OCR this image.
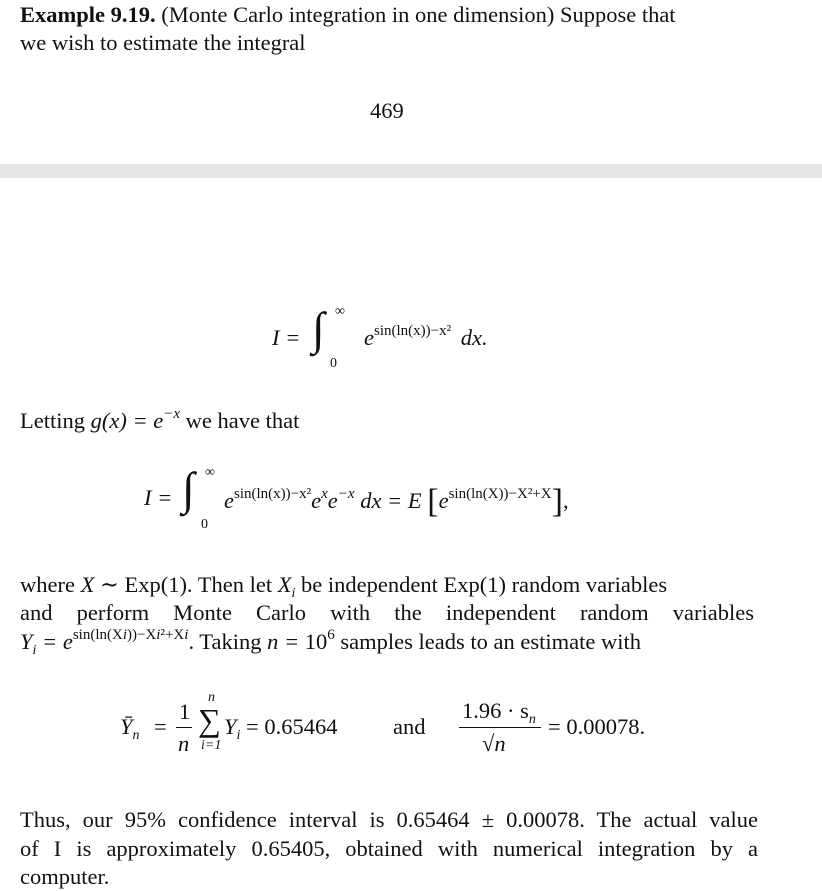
Example 9.19. (Monte Carlo integration in one dimension) Suppose that
we wish to estimate the integral
469
I = ∫ ∞
0
$e^{sin(ln(x))-x^2}$ dx.
Letting $g(x) = e^{-x}$ we have that
I = ∫ ∞
0
$e^{sin(ln(x))-x^2}e^xe^{-x}$ dx = E $[e^{sin(ln(X))-X^2+X}]$,
where X ∼ Exp(1). Then let $X_i$ be independent Exp(1) random variables
and perform Monte Carlo with the independent random variables
$Y_i = e^{sin(ln(Xi))-Xi^2+Xi}$. Taking $n = 10^6$ samples leads to an estimate with
$Ȳ_n$ =
1
n
n
∑
i=1
$Y_i = 0.65464$ and
$1.96 \cdot s_n$
√n
= 0.00078.
Thus, our 95% confidence interval is 0.65464 ± 0.00078. The actual value
of I is approximately 0.65405, obtained with numerical integration by a
computer.
